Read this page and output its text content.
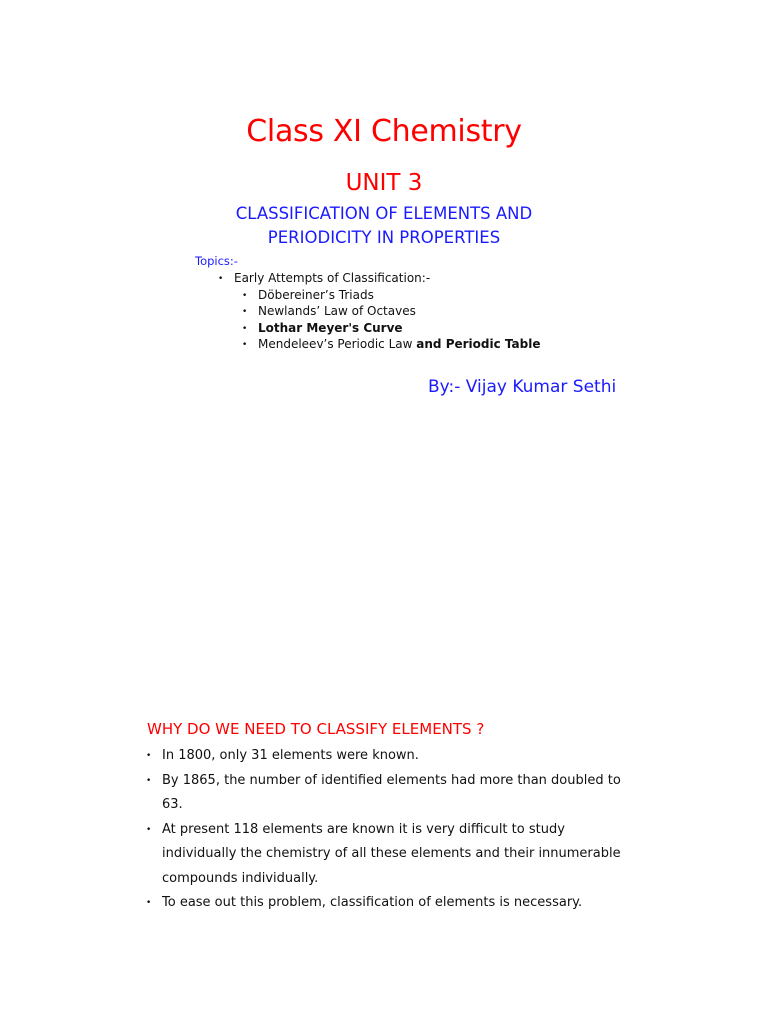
Class XI Chemistry
UNIT 3
CLASSIFICATION OF ELEMENTS AND
PERIODICITY IN PROPERTIES
Topics:-
• Early Attempts of Classification:-
• Döbereiner’s Triads
• Newlands’ Law of Octaves
• Lothar Meyer's Curve
• Mendeleev’s Periodic Law and Periodic Table
By:- Vijay Kumar Sethi
WHY DO WE NEED TO CLASSIFY ELEMENTS ?
• In 1800, only 31 elements were known.
• By 1865, the number of identified elements had more than doubled to 63.
• At present 118 elements are known it is very difficult to study individually the chemistry of all these elements and their innumerable compounds individually.
• To ease out this problem, classification of elements is necessary.
